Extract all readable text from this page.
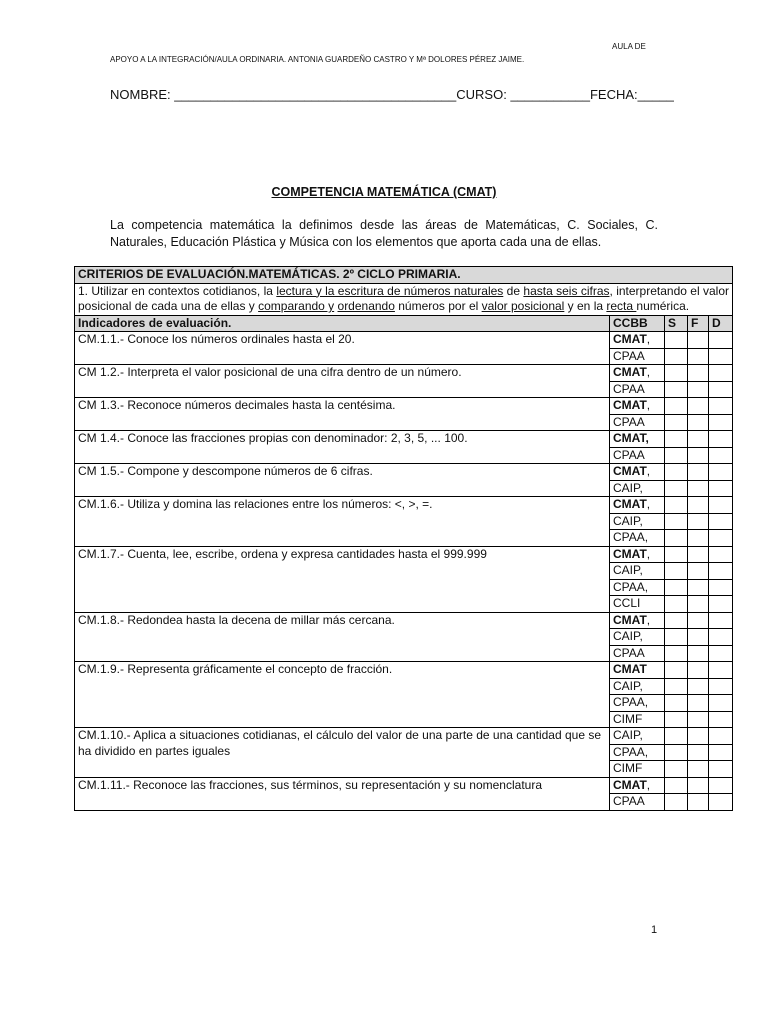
AULA DE
APOYO A LA INTEGRACIÓN/AULA ORDINARIA. ANTONIA GUARDEÑO CASTRO Y Mª DOLORES PÉREZ JAIME.
NOMBRE: _______________________________________CURSO: ___________FECHA:_____
COMPETENCIA MATEMÁTICA (CMAT)
La competencia matemática la definimos desde las áreas de Matemáticas, C. Sociales, C. Naturales, Educación Plástica y Música con los elementos que aporta cada una de ellas.
CRITERIOS DE EVALUACIÓN.MATEMÁTICAS. 2º CICLO PRIMARIA.				
1. Utilizar en contextos cotidianos, la lectura y la escritura de números naturales de hasta seis cifras, interpretando el valor posicional de cada una de ellas y comparando y ordenando números por el valor posicional y en la recta numérica.				
Indicadores de evaluación.	CCBB	S	F	D
CM.1.1.- Conoce los números ordinales hasta el 20.	CMAT,			
	CPAA			
CM 1.2.- Interpreta el valor posicional de una cifra dentro de un número.	CMAT,			
	CPAA			
CM 1.3.- Reconoce números decimales hasta la centésima.	CMAT,			
	CPAA			
CM 1.4.- Conoce las fracciones propias con denominador: 2, 3, 5, ... 100.	CMAT,			
	CPAA			
CM 1.5.- Compone y descompone números de 6 cifras.	CMAT,			
	CAIP,			
CM.1.6.- Utiliza y domina las relaciones entre los números: <, >, =.	CMAT,			
	CAIP,			
	CPAA,			
CM.1.7.- Cuenta, lee, escribe, ordena y expresa cantidades hasta el 999.999	CMAT,			
	CAIP,			
	CPAA,			
	CCLI			
CM.1.8.- Redondea hasta la decena de millar más cercana.	CMAT,			
	CAIP,			
	CPAA			
CM.1.9.- Representa gráficamente el concepto de fracción.	CMAT			
	CAIP,			
	CPAA,			
	CIMF			
CM.1.10.- Aplica a situaciones cotidianas, el cálculo del valor de una parte de una cantidad que se ha dividido en partes iguales	CAIP,			
	CPAA,			
	CIMF			
CM.1.11.- Reconoce las fracciones, sus términos, su representación y su nomenclatura	CMAT,			
	CPAA			
1
